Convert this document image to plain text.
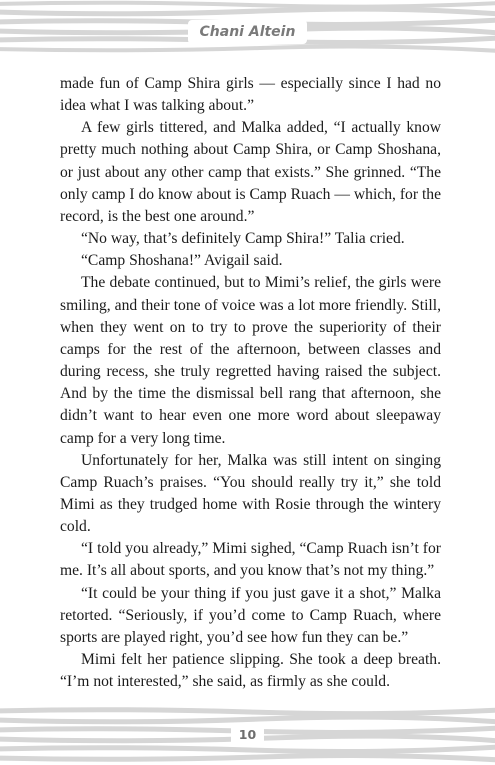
Chani Altein

made fun of Camp Shira girls — especially since I had no idea what I was talking about.”

A few girls tittered, and Malka added, “I actually know pretty much nothing about Camp Shira, or Camp Shoshana, or just about any other camp that exists.” She grinned. “The only camp I do know about is Camp Ruach — which, for the record, is the best one around.”

“No way, that’s definitely Camp Shira!” Talia cried.

“Camp Shoshana!” Avigail said.

The debate continued, but to Mimi’s relief, the girls were smiling, and their tone of voice was a lot more friendly. Still, when they went on to try to prove the superiority of their camps for the rest of the afternoon, between classes and during recess, she truly regretted having raised the subject. And by the time the dismissal bell rang that afternoon, she didn’t want to hear even one more word about sleepaway camp for a very long time.

Unfortunately for her, Malka was still intent on singing Camp Ruach’s praises. “You should really try it,” she told Mimi as they trudged home with Rosie through the wintery cold.

“I told you already,” Mimi sighed, “Camp Ruach isn’t for me. It’s all about sports, and you know that’s not my thing.”

“It could be your thing if you just gave it a shot,” Malka retorted. “Seriously, if you’d come to Camp Ruach, where sports are played right, you’d see how fun they can be.”

Mimi felt her patience slipping. She took a deep breath. “I’m not interested,” she said, as firmly as she could.

10
